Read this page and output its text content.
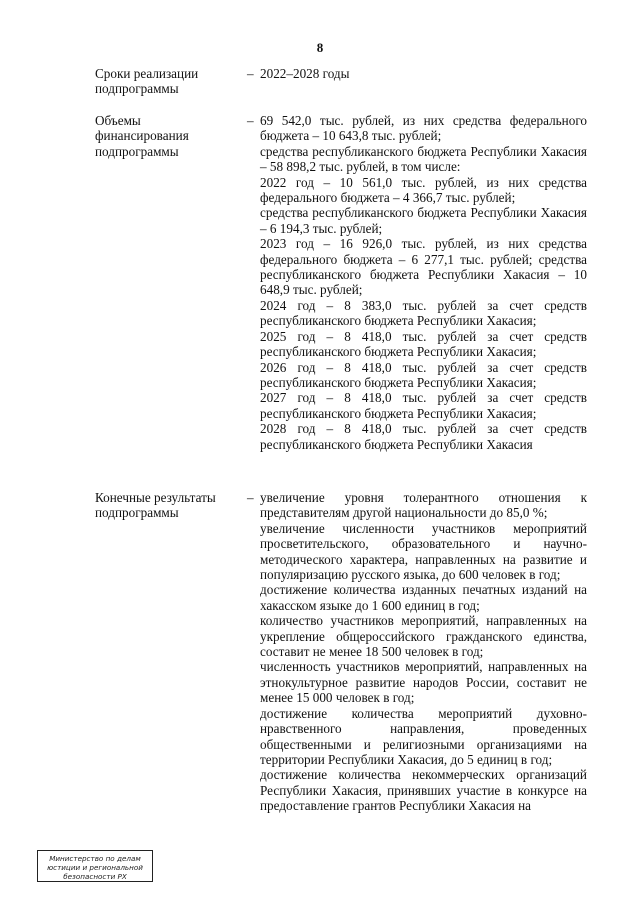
8
Сроки реализации подпрограммы
– 2022–2028 годы

Объемы финансирования подпрограммы
– 69 542,0 тыс. рублей, из них средства федерального бюджета – 10 643,8 тыс. рублей;

средства республиканского бюджета Республики Хакасия – 58 898,2 тыс. рублей, в том числе:

2022 год – 10 561,0 тыс. рублей, из них средства федерального бюджета – 4 366,7 тыс. рублей;

средства республиканского бюджета Республики Хакасия – 6 194,3 тыс. рублей;

2023 год – 16 926,0 тыс. рублей, из них средства федерального бюджета – 6 277,1 тыс. рублей; средства республиканского бюджета Республики Хакасия – 10 648,9 тыс. рублей;

2024 год – 8 383,0 тыс. рублей за счет средств республиканского бюджета Республики Хакасия;

2025 год – 8 418,0 тыс. рублей за счет средств республиканского бюджета Республики Хакасия;

2026 год – 8 418,0 тыс. рублей за счет средств республиканского бюджета Республики Хакасия;

2027 год – 8 418,0 тыс. рублей за счет средств республиканского бюджета Республики Хакасия;

2028 год – 8 418,0 тыс. рублей за счет средств республиканского бюджета Республики Хакасия

Конечные результаты подпрограммы
– увеличение уровня толерантного отношения к представителям другой национальности до 85,0 %;

увеличение численности участников мероприятий просветительского, образовательного и научно-методического характера, направленных на развитие и популяризацию русского языка, до 600 человек в год;

достижение количества изданных печатных изданий на хакасском языке до 1 600 единиц в год;

количество участников мероприятий, направленных на укрепление общероссийского гражданского единства, составит не менее 18 500 человек в год;

численность участников мероприятий, направленных на этнокультурное развитие народов России, составит не менее 15 000 человек в год;

достижение количества мероприятий духовно-нравственного направления, проведенных общественными и религиозными организациями на территории Республики Хакасия, до 5 единиц в год;

достижение количества некоммерческих организаций Республики Хакасия, принявших участие в конкурсе на предоставление грантов Республики Хакасия на

Министерство по делам
юстиции и региональной
безопасности РХ
